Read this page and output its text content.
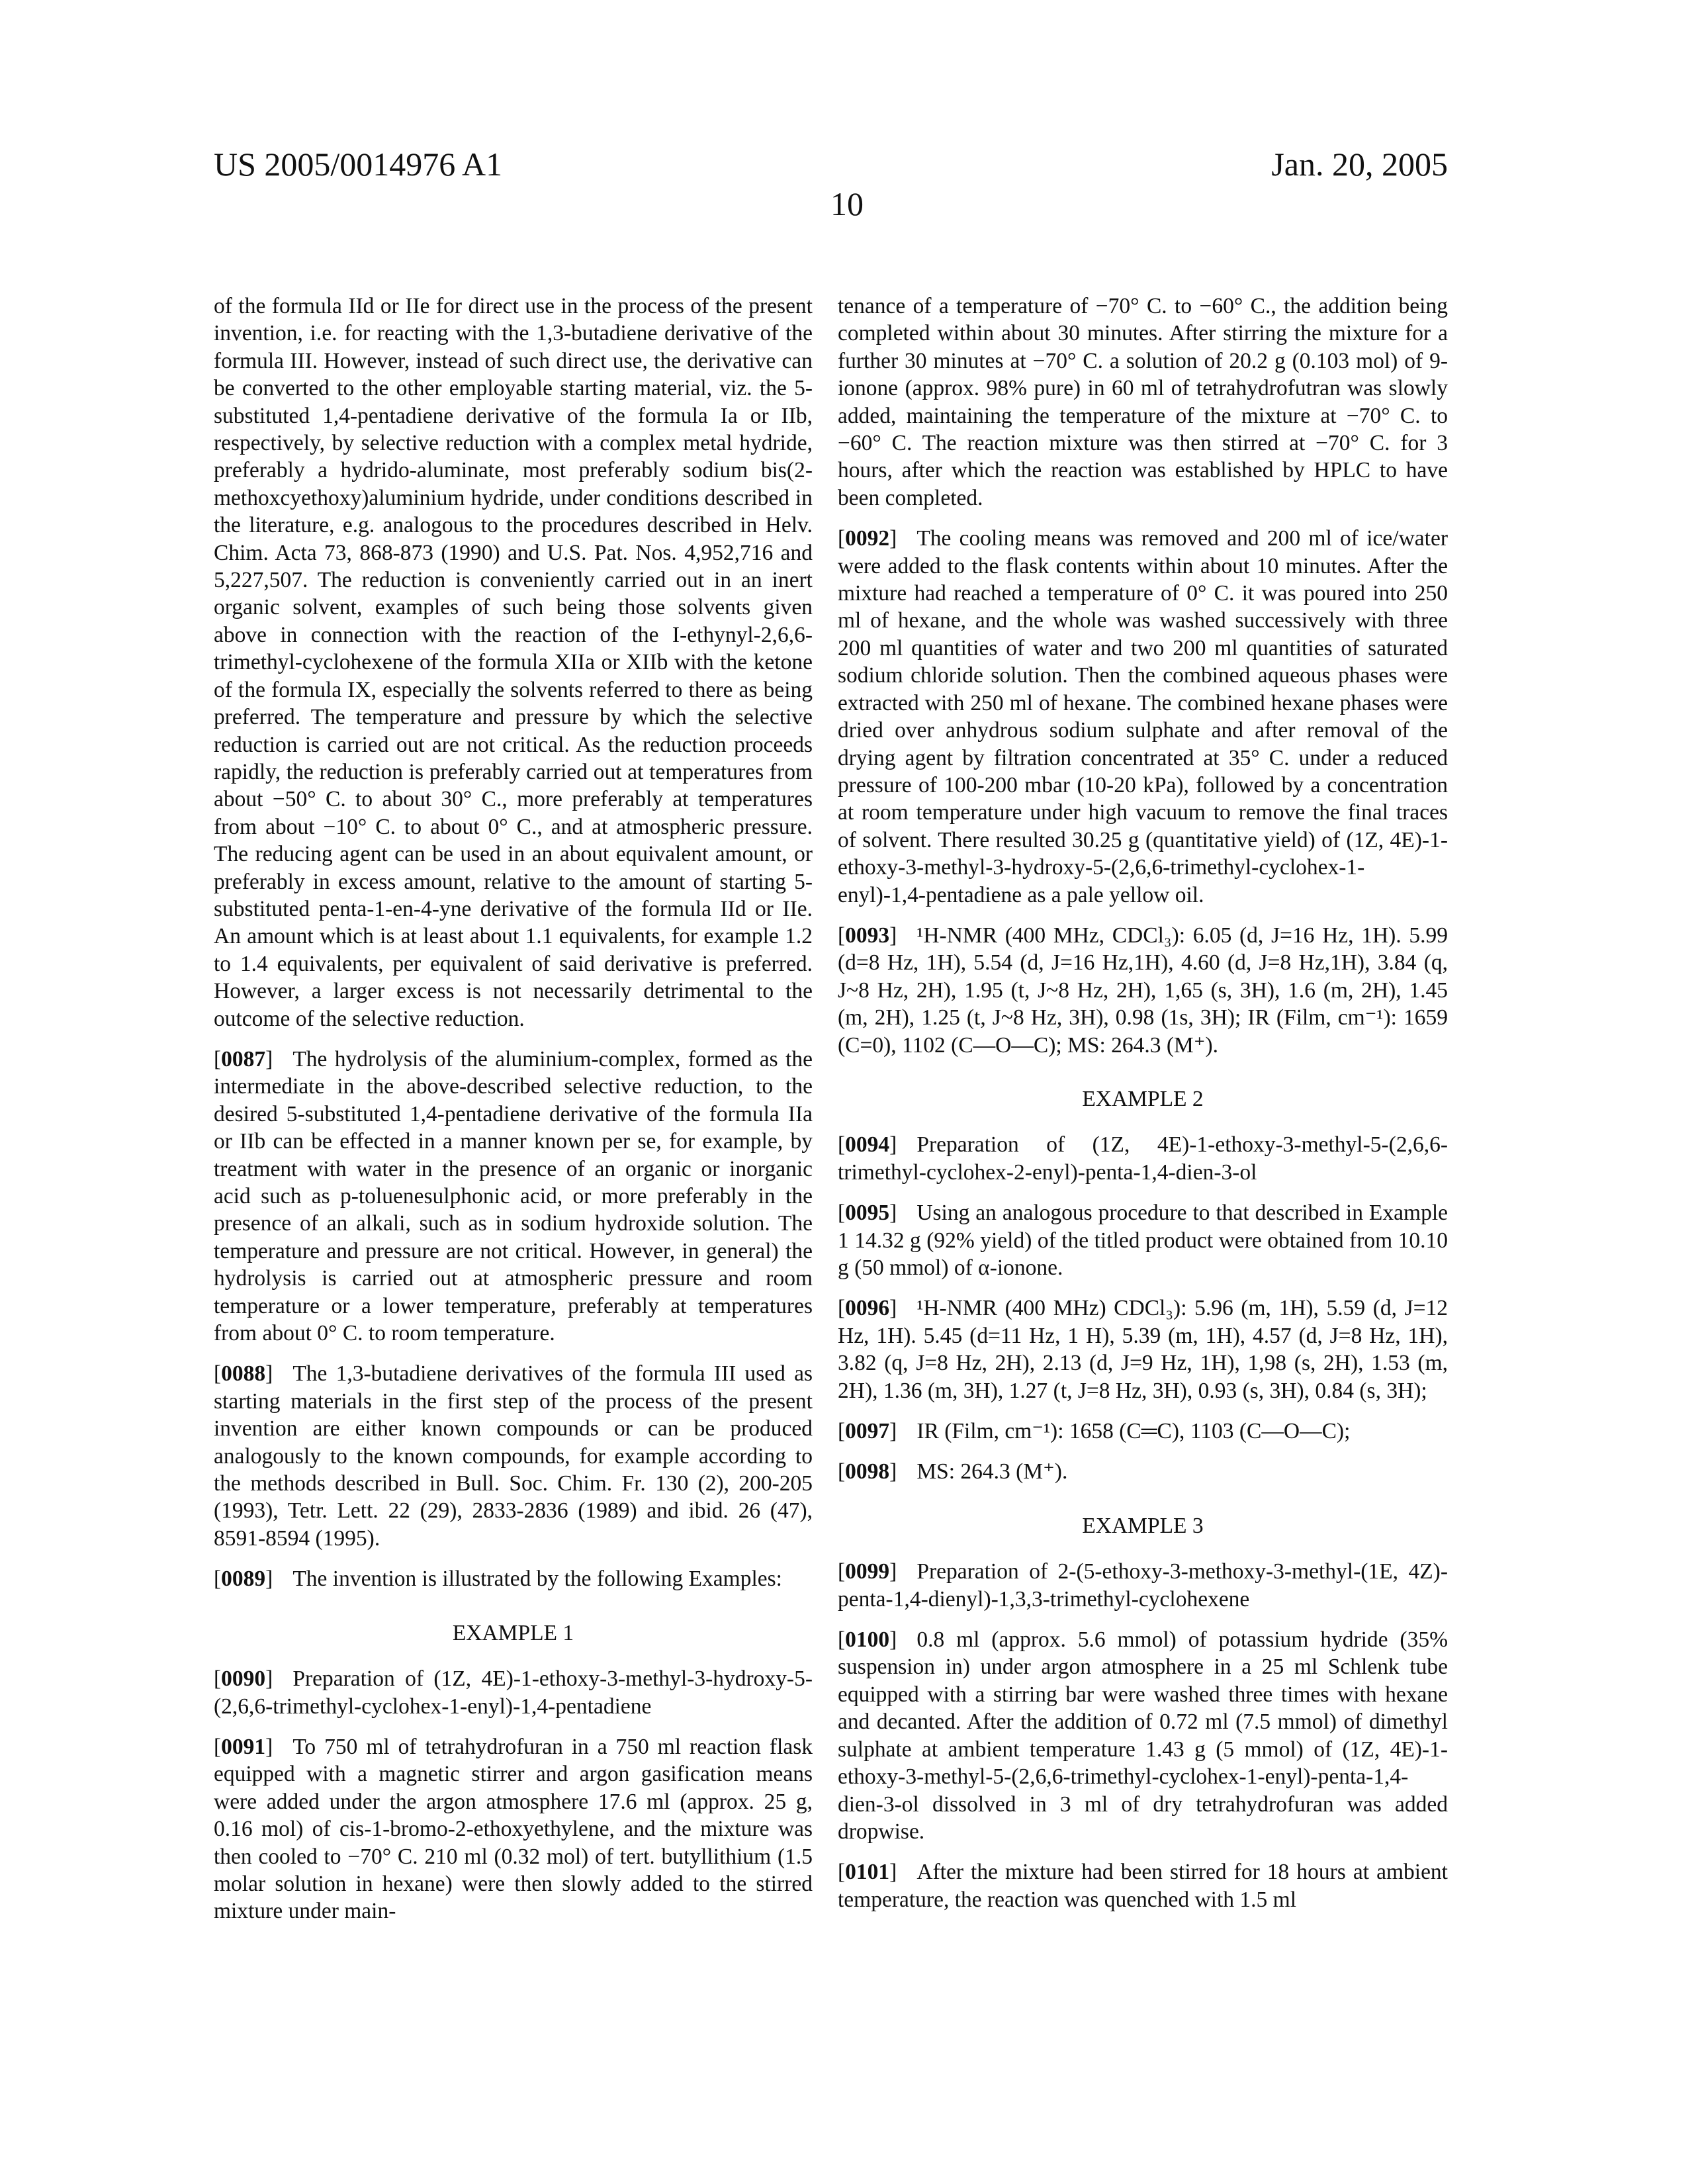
US 2005/0014976 A1	Jan. 20, 2005
10

of the formula IId or IIe for direct use in the process of the present invention, i.e. for reacting with the 1,3-butadiene derivative of the formula III. However, instead of such direct use, the derivative can be converted to the other employable starting material, viz. the 5-substituted 1,4-pentadiene derivative of the formula Ia or IIb, respectively, by selective reduction with a complex metal hydride, preferably a hydrido-aluminate, most preferably sodium bis(2-methoxcyethoxy)aluminium hydride, under conditions described in the literature, e.g. analogous to the procedures described in Helv. Chim. Acta 73, 868-873 (1990) and U.S. Pat. Nos. 4,952,716 and 5,227,507. The reduction is conveniently carried out in an inert organic solvent, examples of such being those solvents given above in connection with the reaction of the I-ethynyl-2,6,6-trimethyl-cyclohexene of the formula XIIa or XIIb with the ketone of the formula IX, especially the solvents referred to there as being preferred. The temperature and pressure by which the selective reduction is carried out are not critical. As the reduction proceeds rapidly, the reduction is preferably carried out at temperatures from about −50° C. to about 30° C., more preferably at temperatures from about −10° C. to about 0° C., and at atmospheric pressure. The reducing agent can be used in an about equivalent amount, or preferably in excess amount, relative to the amount of starting 5-substituted penta-1-en-4-yne derivative of the formula IId or IIe. An amount which is at least about 1.1 equivalents, for example 1.2 to 1.4 equivalents, per equivalent of said derivative is preferred. However, a larger excess is not necessarily detrimental to the outcome of the selective reduction.

[0087] The hydrolysis of the aluminium-complex, formed as the intermediate in the above-described selective reduction, to the desired 5-substituted 1,4-pentadiene derivative of the formula IIa or IIb can be effected in a manner known per se, for example, by treatment with water in the presence of an organic or inorganic acid such as p-toluenesulphonic acid, or more preferably in the presence of an alkali, such as in sodium hydroxide solution. The temperature and pressure are not critical. However, in general) the hydrolysis is carried out at atmospheric pressure and room temperature or a lower temperature, preferably at temperatures from about 0° C. to room temperature.

[0088] The 1,3-butadiene derivatives of the formula III used as starting materials in the first step of the process of the present invention are either known compounds or can be produced analogously to the known compounds, for example according to the methods described in Bull. Soc. Chim. Fr. 130 (2), 200-205 (1993), Tetr. Lett. 22 (29), 2833-2836 (1989) and ibid. 26 (47), 8591-8594 (1995).

[0089] The invention is illustrated by the following Examples:

EXAMPLE 1

[0090] Preparation of (1Z, 4E)-1-ethoxy-3-methyl-3-hydroxy-5-(2,6,6-trimethyl-cyclohex-1-enyl)-1,4-pentadiene

[0091] To 750 ml of tetrahydrofuran in a 750 ml reaction flask equipped with a magnetic stirrer and argon gasification means were added under the argon atmosphere 17.6 ml (approx. 25 g, 0.16 mol) of cis-1-bromo-2-ethoxyethylene, and the mixture was then cooled to −70° C. 210 ml (0.32 mol) of tert. butyllithium (1.5 molar solution in hexane) were then slowly added to the stirred mixture under main-

tenance of a temperature of −70° C. to −60° C., the addition being completed within about 30 minutes. After stirring the mixture for a further 30 minutes at −70° C. a solution of 20.2 g (0.103 mol) of 9-ionone (approx. 98% pure) in 60 ml of tetrahydrofutran was slowly added, maintaining the temperature of the mixture at −70° C. to −60° C. The reaction mixture was then stirred at −70° C. for 3 hours, after which the reaction was established by HPLC to have been completed.

[0092] The cooling means was removed and 200 ml of ice/water were added to the flask contents within about 10 minutes. After the mixture had reached a temperature of 0° C. it was poured into 250 ml of hexane, and the whole was washed successively with three 200 ml quantities of water and two 200 ml quantities of saturated sodium chloride solution. Then the combined aqueous phases were extracted with 250 ml of hexane. The combined hexane phases were dried over anhydrous sodium sulphate and after removal of the drying agent by filtration concentrated at 35° C. under a reduced pressure of 100-200 mbar (10-20 kPa), followed by a concentration at room temperature under high vacuum to remove the final traces of solvent. There resulted 30.25 g (quantitative yield) of (1Z, 4E)-1-ethoxy-3-methyl-3-hydroxy-5-(2,6,6-trimethyl-cyclohex-1-enyl)-1,4-pentadiene as a pale yellow oil.

[0093] ¹H-NMR (400 MHz, CDCl₃): 6.05 (d, J=16 Hz, 1H). 5.99 (d=8 Hz, 1H), 5.54 (d, J=16 Hz,1H), 4.60 (d, J=8 Hz,1H), 3.84 (q, J~8 Hz, 2H), 1.95 (t, J~8 Hz, 2H), 1,65 (s, 3H), 1.6 (m, 2H), 1.45 (m, 2H), 1.25 (t, J~8 Hz, 3H), 0.98 (1s, 3H); IR (Film, cm⁻¹): 1659 (C=0), 1102 (C—O—C); MS: 264.3 (M⁺).

EXAMPLE 2

[0094] Preparation of (1Z, 4E)-1-ethoxy-3-methyl-5-(2,6,6-trimethyl-cyclohex-2-enyl)-penta-1,4-dien-3-ol

[0095] Using an analogous procedure to that described in Example 1 14.32 g (92% yield) of the titled product were obtained from 10.10 g (50 mmol) of α-ionone.

[0096] ¹H-NMR (400 MHz) CDCl₃): 5.96 (m, 1H), 5.59 (d, J=12 Hz, 1H). 5.45 (d=11 Hz, 1 H), 5.39 (m, 1H), 4.57 (d, J=8 Hz, 1H), 3.82 (q, J=8 Hz, 2H), 2.13 (d, J=9 Hz, 1H), 1,98 (s, 2H), 1.53 (m, 2H), 1.36 (m, 3H), 1.27 (t, J=8 Hz, 3H), 0.93 (s, 3H), 0.84 (s, 3H);

[0097] IR (Film, cm⁻¹): 1658 (C═C), 1103 (C—O—C);

[0098] MS: 264.3 (M⁺).

EXAMPLE 3

[0099] Preparation of 2-(5-ethoxy-3-methoxy-3-methyl-(1E, 4Z)-penta-1,4-dienyl)-1,3,3-trimethyl-cyclohexene

[0100] 0.8 ml (approx. 5.6 mmol) of potassium hydride (35% suspension in) under argon atmosphere in a 25 ml Schlenk tube equipped with a stirring bar were washed three times with hexane and decanted. After the addition of 0.72 ml (7.5 mmol) of dimethyl sulphate at ambient temperature 1.43 g (5 mmol) of (1Z, 4E)-1-ethoxy-3-methyl-5-(2,6,6-trimethyl-cyclohex-1-enyl)-penta-1,4-dien-3-ol dissolved in 3 ml of dry tetrahydrofuran was added dropwise.

[0101] After the mixture had been stirred for 18 hours at ambient temperature, the reaction was quenched with 1.5 ml
